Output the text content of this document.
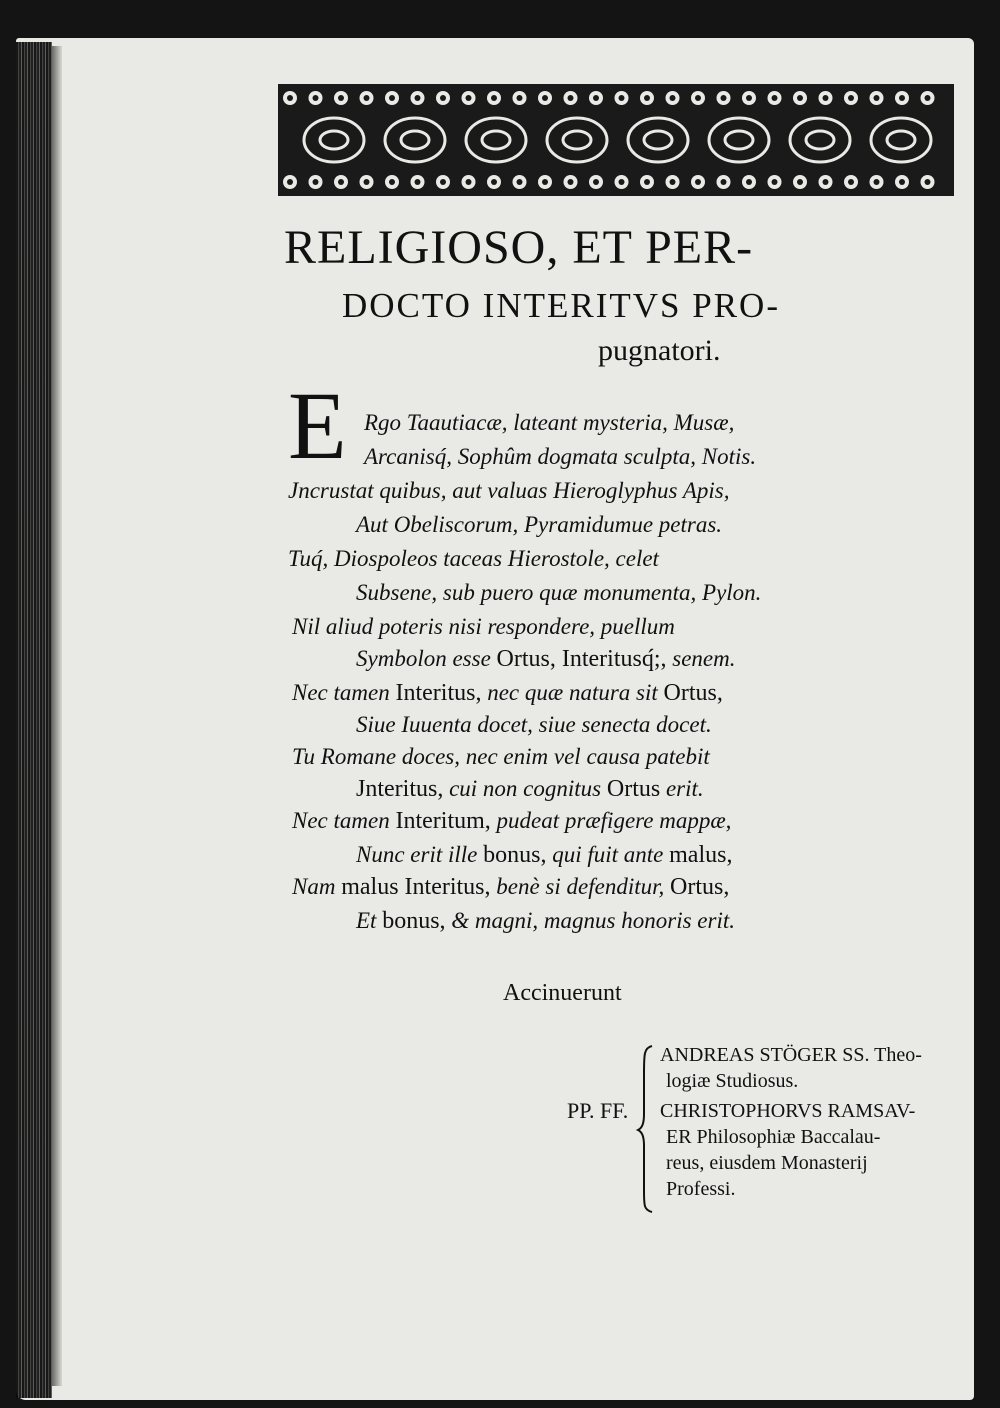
RELIGIOSO, ET PER-
DOCTO INTERITVS PRO-
pugnatori.
E Rgo Taautiacæ, lateant mysteria, Musæ,
Arcanisq́, Sophûm dogmata sculpta, Notis.
Jncrustat quibus, aut valuas Hieroglyphus Apis,
Aut Obeliscorum, Pyramidumue petras.
Tuq́, Diospoleos taceas Hierostole, celet
Subsene, sub puero quæ monumenta, Pylon.
Nil aliud poteris nisi respondere, puellum
Symbolon esse Ortus, Interitusq́;, senem.
Nec tamen Interitus, nec quæ natura sit Ortus,
Siue Iuuenta docet, siue senecta docet.
Tu Romane doces, nec enim vel causa patebit
Jnteritus, cui non cognitus Ortus erit.
Nec tamen Interitum, pudeat præfigere mappæ,
Nunc erit ille bonus, qui fuit ante malus,
Nam malus Interitus, benè si defenditur, Ortus,
Et bonus, & magni, magnus honoris erit.
Accinuerunt
PP. FF.
ANDREAS STÖGER SS. Theo-
logiæ Studiosus.
CHRISTOPHORVS RAMSAV-
ER Philosophiæ Baccalau-
reus, eiusdem Monasterij
Professi.
